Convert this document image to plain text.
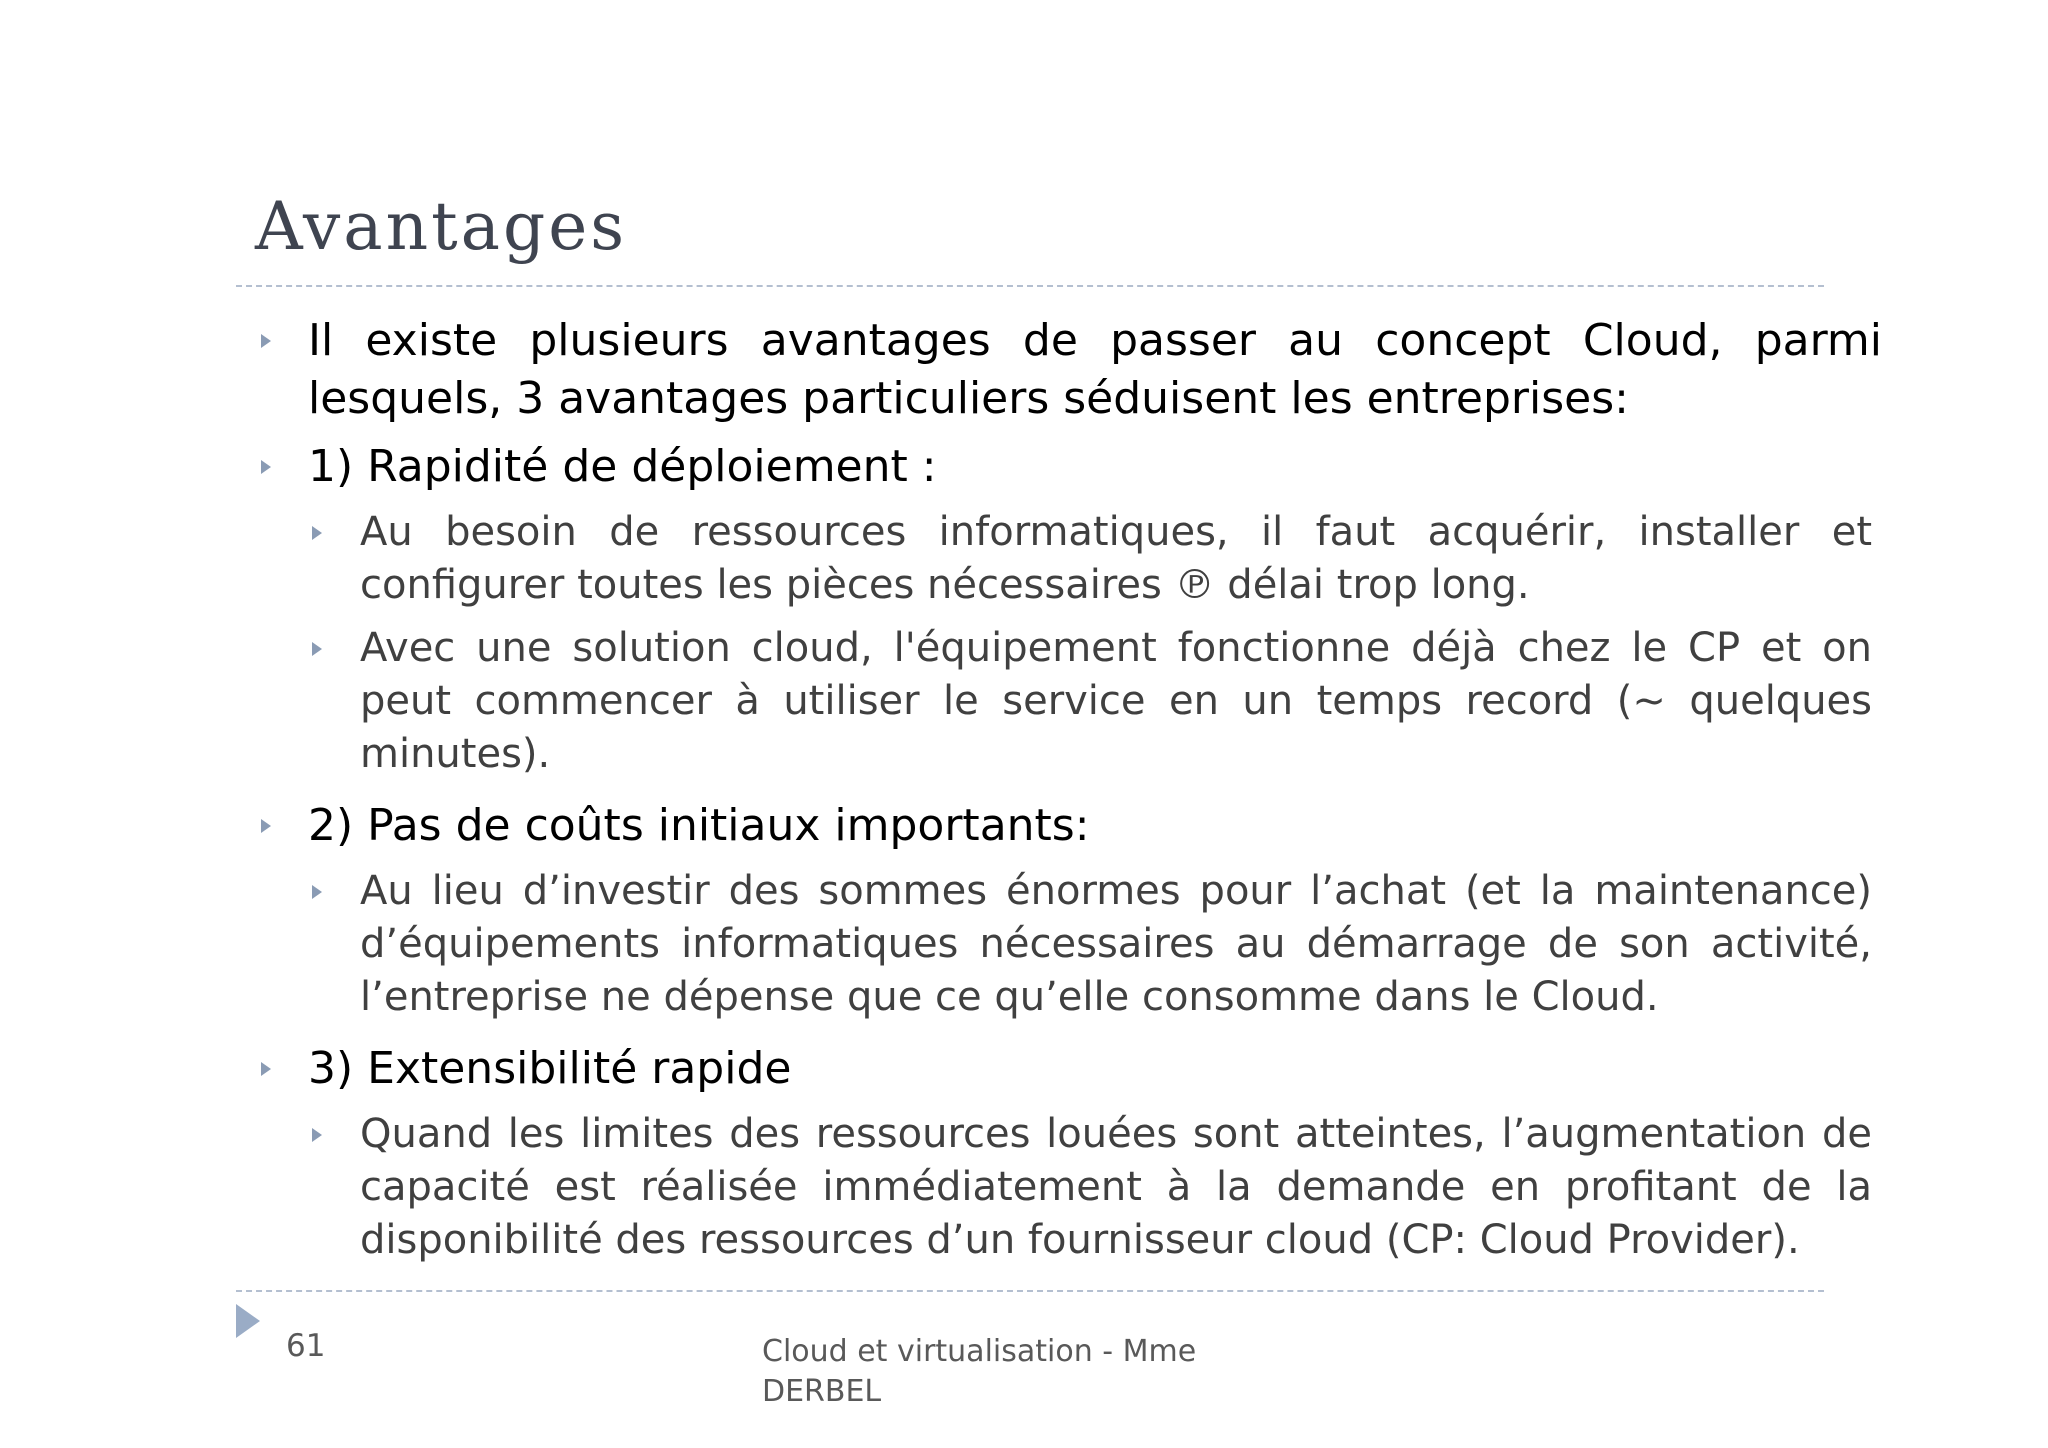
Avantages
Il existe plusieurs avantages de passer au concept Cloud, parmi lesquels, 3 avantages particuliers séduisent les entreprises:
1) Rapidité de déploiement :
Au besoin de ressources informatiques, il faut acquérir, installer et configurer toutes les pièces nécessaires ℗ délai trop long.
Avec une solution cloud, l'équipement fonctionne déjà chez le CP et on peut commencer à utiliser le service en un temps record (~ quelques minutes).
2) Pas de coûts initiaux importants:
Au lieu d’investir des sommes énormes pour l’achat (et la maintenance) d’équipements informatiques nécessaires au démarrage de son activité, l’entreprise ne dépense que ce qu’elle consomme dans le Cloud.
3) Extensibilité rapide
Quand les limites des ressources louées sont atteintes, l’augmentation de capacité est réalisée immédiatement à la demande en profitant de la disponibilité des ressources d’un fournisseur cloud (CP: Cloud Provider).
61	Cloud et virtualisation - Mme DERBEL
